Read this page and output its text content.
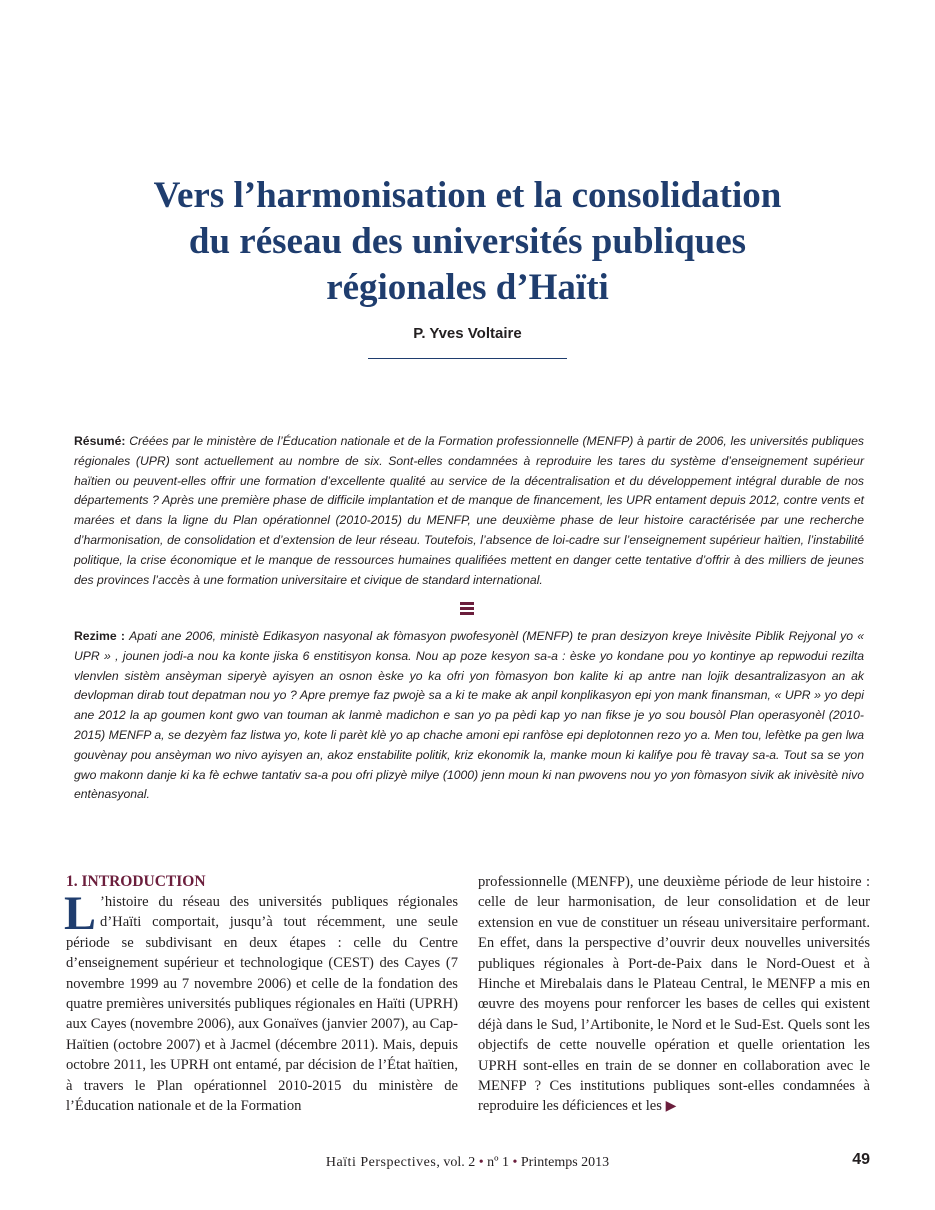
Vers l’harmonisation et la consolidation
du réseau des universités publiques
régionales d’Haïti
P. Yves Voltaire
Résumé: Créées par le ministère de l’Éducation nationale et de la Formation professionnelle (MENFP) à partir de 2006, les universités publiques régionales (UPR) sont actuellement au nombre de six. Sont-elles condamnées à reproduire les tares du système d’enseignement supérieur haïtien ou peuvent-elles offrir une formation d’excellente qualité au service de la décentralisation et du développement intégral durable de nos départements ? Après une première phase de difficile implantation et de manque de financement, les UPR entament depuis 2012, contre vents et marées et dans la ligne du Plan opérationnel (2010-2015) du MENFP, une deuxième phase de leur histoire caractérisée par une recherche d’harmonisation, de consolidation et d’extension de leur réseau. Toutefois, l’absence de loi-cadre sur l’enseignement supérieur haïtien, l’instabilité politique, la crise économique et le manque de ressources humaines qualifiées mettent en danger cette tentative d’offrir à des milliers de jeunes des provinces l’accès à une formation universitaire et civique de standard international.
Rezime : Apati ane 2006, ministè Edikasyon nasyonal ak fòmasyon pwofesyonèl (MENFP) te pran desizyon kreye Inivèsite Piblik Rejyonal yo « UPR » , jounen jodi-a nou ka konte jiska 6 enstitisyon konsa. Nou ap poze kesyon sa-a : èske yo kondane pou yo kontinye ap repwodui rezilta vlenvlen sistèm ansèyman siperyè ayisyen an osnon èske yo ka ofri yon fòmasyon bon kalite ki ap antre nan lojik desantralizasyon an ak devlopman dirab tout depatman nou yo ? Apre premye faz pwojè sa a ki te make ak anpil konplikasyon epi yon mank finansman, « UPR » yo depi ane 2012 la ap goumen kont gwo van touman ak lanmè madichon e san yo pa pèdi kap yo nan fikse je yo sou bousòl Plan operasyonèl (2010-2015) MENFP a, se dezyèm faz listwa yo, kote li parèt klè yo ap chache amoni epi ranfòse epi deplotonnen rezo yo a. Men tou, lefètke pa gen lwa gouvènay pou ansèyman wo nivo ayisyen an, akoz enstabilite politik, kriz ekonomik la, manke moun ki kalifye pou fè travay sa-a. Tout sa se yon gwo makonn danje ki ka fè echwe tantativ sa-a pou ofri plizyè milye (1000) jenn moun ki nan pwovens nou yo yon fòmasyon sivik ak inivèsitè nivo entènasyonal.
1. INTRODUCTION

L ’histoire du réseau des universités publiques régionales d’Haïti comportait, jusqu’à tout récemment, une seule période se subdivisant en deux étapes : celle du Centre d’enseignement supérieur et technologique (CEST) des Cayes (7 novembre 1999 au 7 novembre 2006) et celle de la fondation des quatre premières universités publiques régionales en Haïti (UPRH) aux Cayes (novembre 2006), aux Gonaïves (janvier 2007), au Cap-Haïtien (octobre 2007) et à Jacmel (décembre 2011). Mais, depuis octobre 2011, les UPRH ont entamé, par décision de l’État haïtien, à travers le Plan opérationnel 2010-2015 du ministère de l’Éducation nationale et de la Formation

professionnelle (MENFP), une deuxième période de leur histoire : celle de leur harmonisation, de leur consolidation et de leur extension en vue de constituer un réseau universitaire performant. En effet, dans la perspective d’ouvrir deux nouvelles universités publiques régionales à Port-de-Paix dans le Nord-Ouest et à Hinche et Mirebalais dans le Plateau Central, le MENFP a mis en œuvre des moyens pour renforcer les bases de celles qui existent déjà dans le Sud, l’Artibonite, le Nord et le Sud-Est. Quels sont les objectifs de cette nouvelle opération et quelle orientation les UPRH sont-elles en train de se donner en collaboration avec le MENFP ? Ces institutions publiques sont-elles condamnées à reproduire les déficiences et les ▶

Haïti Perspectives, vol. 2 • nº 1 • Printemps 2013	49
